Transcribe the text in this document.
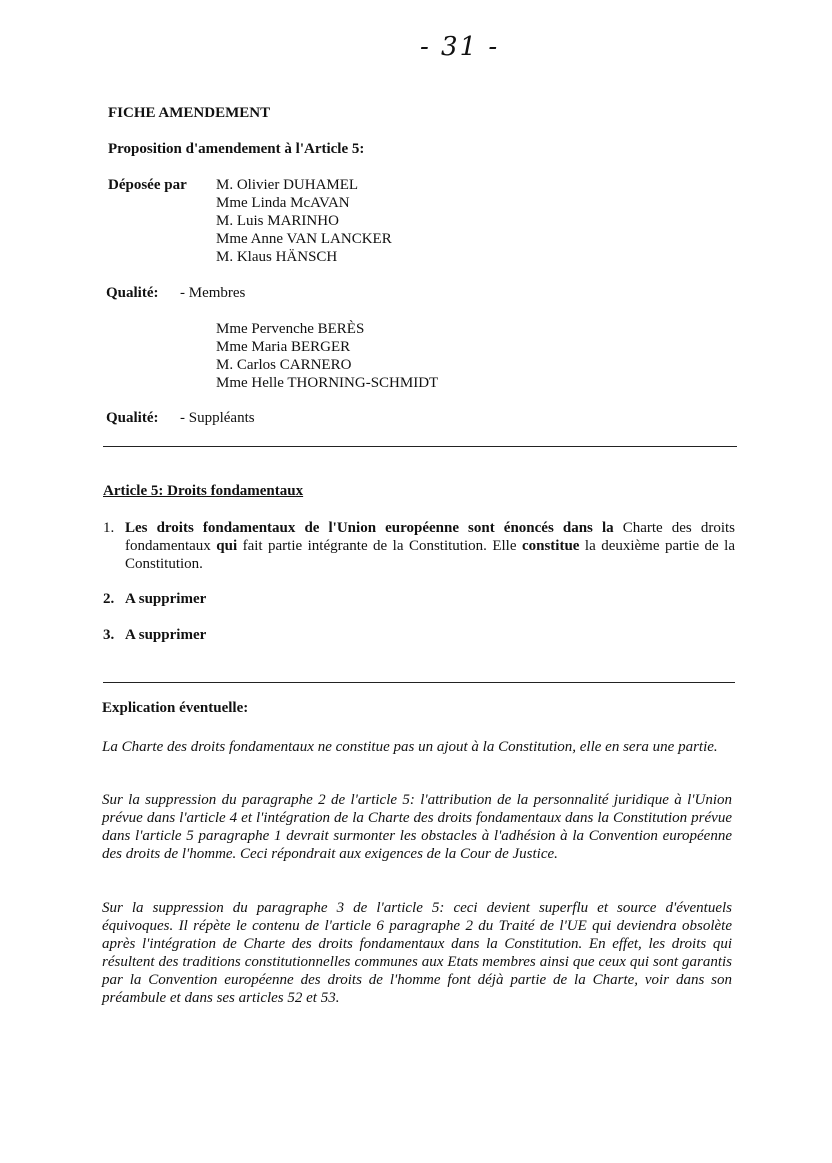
- 31 -
FICHE AMENDEMENT
Proposition d'amendement à l'Article 5:
Déposée par M. Olivier DUHAMEL
Mme Linda McAVAN
M. Luis MARINHO
Mme Anne VAN LANCKER
M. Klaus HÄNSCH
Qualité: - Membres
Mme Pervenche BERÈS
Mme Maria BERGER
M. Carlos CARNERO
Mme Helle THORNING-SCHMIDT
Qualité: - Suppléants
Article 5: Droits fondamentaux
1. Les droits fondamentaux de l'Union européenne sont énoncés dans la Charte des droits fondamentaux qui fait partie intégrante de la Constitution. Elle constitue la deuxième partie de la Constitution.
2. A supprimer
3. A supprimer
Explication éventuelle:
La Charte des droits fondamentaux ne constitue pas un ajout à la Constitution, elle en sera une partie.
Sur la suppression du paragraphe 2 de l'article 5: l'attribution de la personnalité juridique à l'Union prévue dans l'article 4 et l'intégration de la Charte des droits fondamentaux dans la Constitution prévue dans l'article 5 paragraphe 1 devrait surmonter les obstacles à l'adhésion à la Convention européenne des droits de l'homme. Ceci répondrait aux exigences de la Cour de Justice.
Sur la suppression du paragraphe 3 de l'article 5: ceci devient superflu et source d'éventuels équivoques. Il répète le contenu de l'article 6 paragraphe 2 du Traité de l'UE qui deviendra obsolète après l'intégration de Charte des droits fondamentaux dans la Constitution. En effet, les droits qui résultent des traditions constitutionnelles communes aux Etats membres ainsi que ceux qui sont garantis par la Convention européenne des droits de l'homme font déjà partie de la Charte, voir dans son préambule et dans ses articles 52 et 53.
